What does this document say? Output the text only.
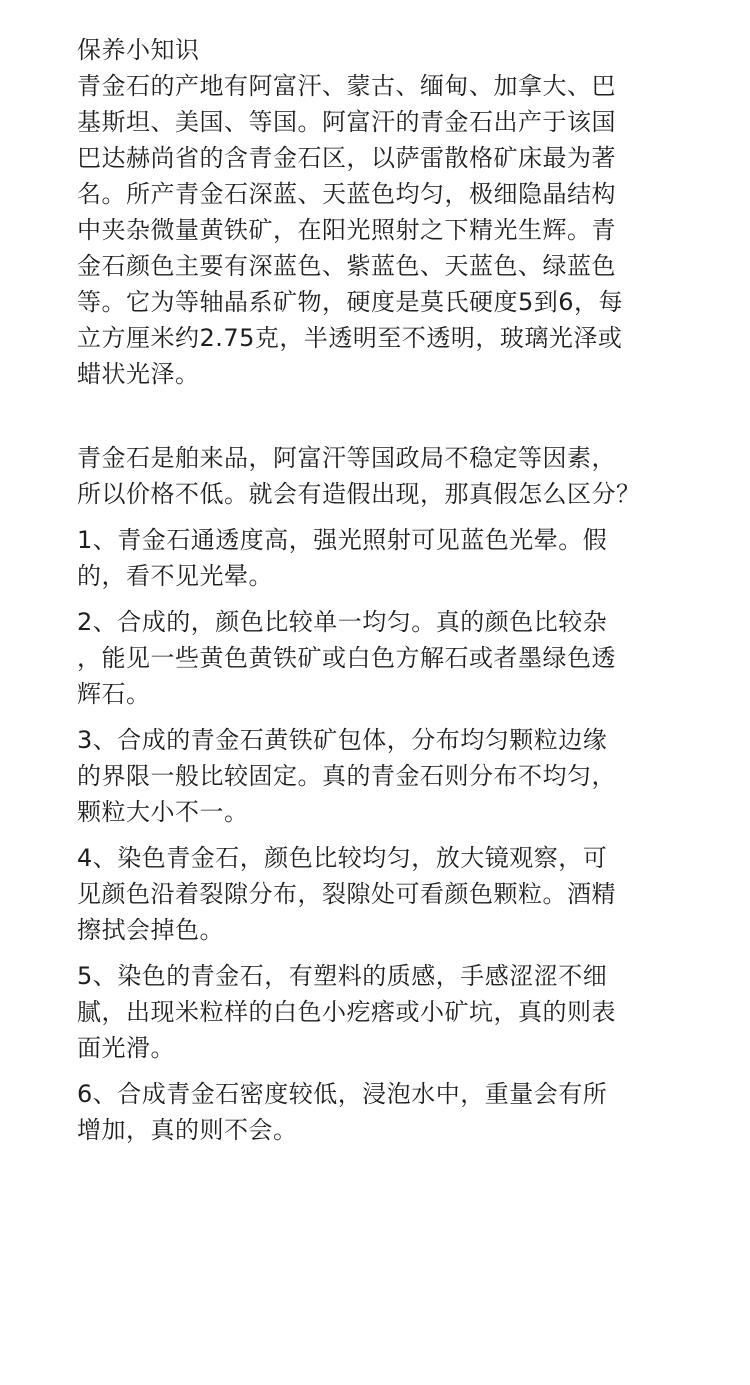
保养小知识
青金石的产地有阿富汗、蒙古、缅甸、加拿大、巴
基斯坦、美国、等国。阿富汗的青金石出产于该国
巴达赫尚省的含青金石区，以萨雷散格矿床最为著
名。所产青金石深蓝、天蓝色均匀，极细隐晶结构
中夹杂微量黄铁矿，在阳光照射之下精光生辉。青
金石颜色主要有深蓝色、紫蓝色、天蓝色、绿蓝色
等。它为等轴晶系矿物，硬度是莫氏硬度5到6，每
立方厘米约2.75克，半透明至不透明，玻璃光泽或
蜡状光泽。
青金石是舶来品，阿富汗等国政局不稳定等因素，
所以价格不低。就会有造假出现，那真假怎么区分？
1、青金石通透度高，强光照射可见蓝色光晕。假
的，看不见光晕。
2、合成的，颜色比较单一均匀。真的颜色比较杂
，能见一些黄色黄铁矿或白色方解石或者墨绿色透
辉石。
3、合成的青金石黄铁矿包体，分布均匀颗粒边缘
的界限一般比较固定。真的青金石则分布不均匀，
颗粒大小不一。
4、染色青金石，颜色比较均匀，放大镜观察，可
见颜色沿着裂隙分布，裂隙处可看颜色颗粒。酒精
擦拭会掉色。
5、染色的青金石，有塑料的质感，手感涩涩不细
腻，出现米粒样的白色小疙瘩或小矿坑，真的则表
面光滑。
6、合成青金石密度较低，浸泡水中，重量会有所
增加，真的则不会。
